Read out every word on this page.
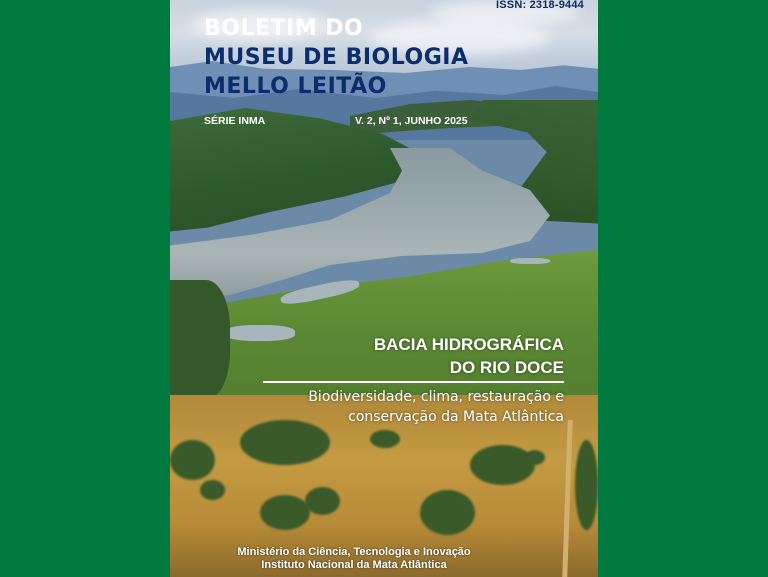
ISSN: 2318-9444
BOLETIM DO
MUSEU DE BIOLOGIA
MELLO LEITÃO
SÉRIE INMA	V. 2, Nº 1, JUNHO 2025
BACIA HIDROGRÁFICA
DO RIO DOCE
Biodiversidade, clima, restauração e
conservação da Mata Atlântica
Ministério da Ciência, Tecnologia e Inovação
Instituto Nacional da Mata Atlântica
